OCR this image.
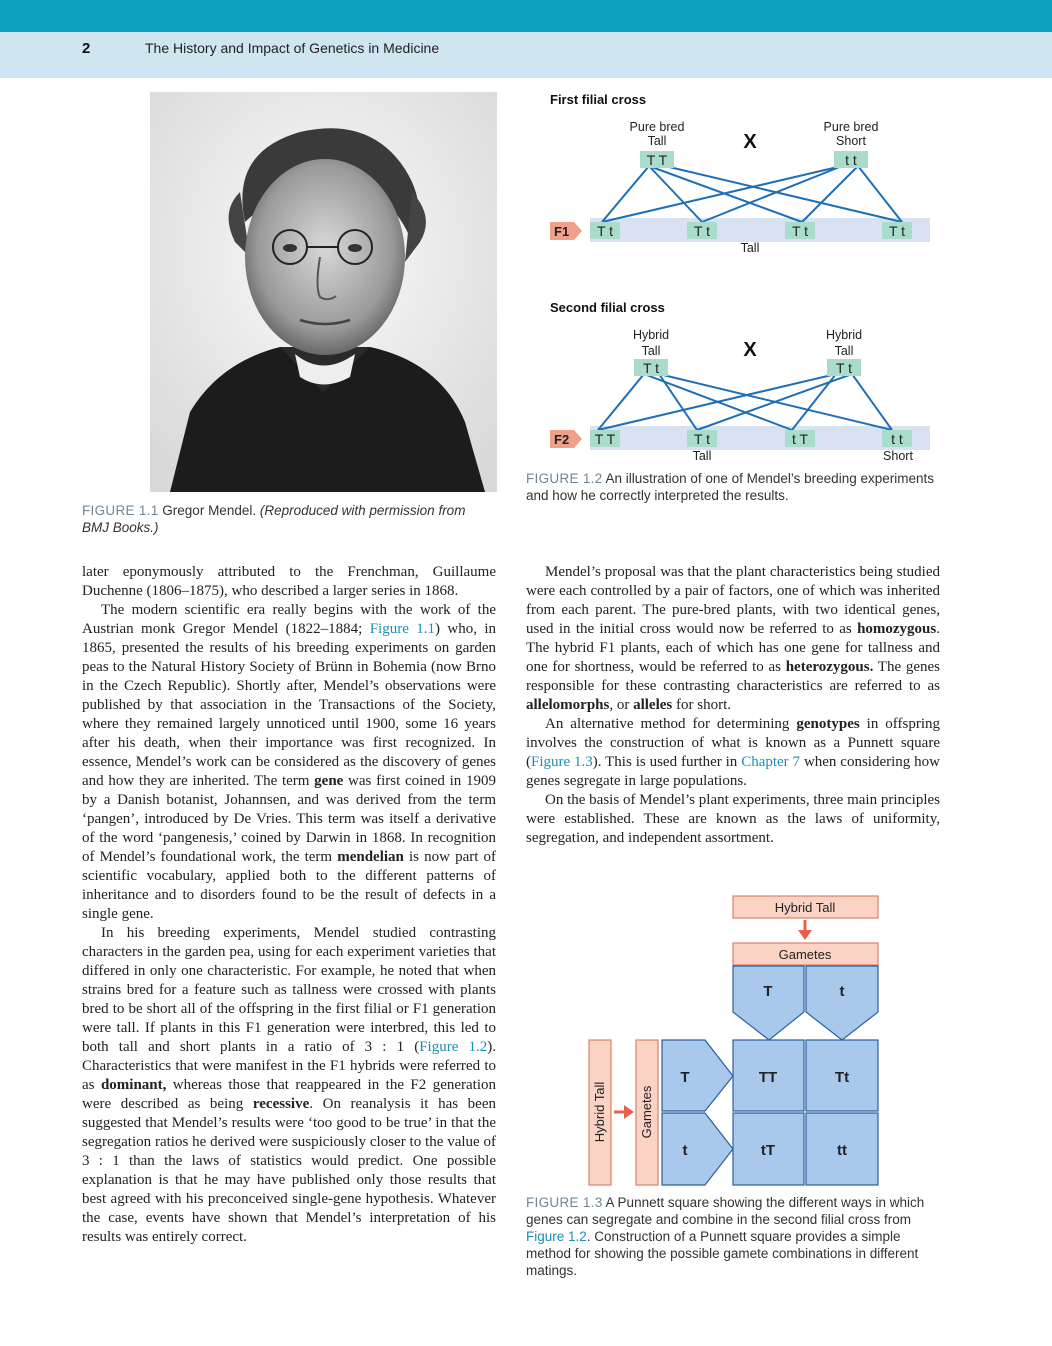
2	The History and Impact of Genetics in Medicine
FIGURE 1.1 Gregor Mendel. (Reproduced with permission from BMJ Books.)
First filial cross
Pure bred
Tall
Pure bred
Short
X
T T	t t
F1 T t	T t	T t	T t
Tall
Second filial cross
Hybrid
Tall
Hybrid
Tall
X
T t	T t
F2 T T	T t	t T	t t
Tall	Short
FIGURE 1.2 An illustration of one of Mendel’s breeding experiments and how he correctly interpreted the results.

later eponymously attributed to the Frenchman, Guillaume Duchenne (1806–1875), who described a larger series in 1868.

The modern scientific era really begins with the work of the Austrian monk Gregor Mendel (1822–1884; Figure 1.1) who, in 1865, presented the results of his breeding experiments on garden peas to the Natural History Society of Brünn in Bohemia (now Brno in the Czech Republic). Shortly after, Mendel’s observations were published by that association in the Transactions of the Society, where they remained largely unnoticed until 1900, some 16 years after his death, when their importance was first recognized. In essence, Mendel’s work can be considered as the discovery of genes and how they are inherited. The term gene was first coined in 1909 by a Danish botanist, Johannsen, and was derived from the term ‘pangen’, introduced by De Vries. This term was itself a derivative of the word ‘pangenesis,’ coined by Darwin in 1868. In recognition of Mendel’s foundational work, the term mendelian is now part of scientific vocabulary, applied both to the different patterns of inheritance and to disorders found to be the result of defects in a single gene.

In his breeding experiments, Mendel studied contrasting characters in the garden pea, using for each experiment varieties that differed in only one characteristic. For example, he noted that when strains bred for a feature such as tallness were crossed with plants bred to be short all of the offspring in the first filial or F1 generation were tall. If plants in this F1 generation were interbred, this led to both tall and short plants in a ratio of 3 : 1 (Figure 1.2). Characteristics that were manifest in the F1 hybrids were referred to as dominant, whereas those that reappeared in the F2 generation were described as being recessive. On reanalysis it has been suggested that Mendel’s results were ‘too good to be true’ in that the segregation ratios he derived were suspiciously closer to the value of 3 : 1 than the laws of statistics would predict. One possible explanation is that he may have published only those results that best agreed with his preconceived single-gene hypothesis. Whatever the case, events have shown that Mendel’s interpretation of his results was entirely correct.

Mendel’s proposal was that the plant characteristics being studied were each controlled by a pair of factors, one of which was inherited from each parent. The pure-bred plants, with two identical genes, used in the initial cross would now be referred to as homozygous. The hybrid F1 plants, each of which has one gene for tallness and one for shortness, would be referred to as heterozygous. The genes responsible for these contrasting characteristics are referred to as allelomorphs, or alleles for short.

An alternative method for determining genotypes in offspring involves the construction of what is known as a Punnett square (Figure 1.3). This is used further in Chapter 7 when considering how genes segregate in large populations.

On the basis of Mendel’s plant experiments, three main principles were established. These are known as the laws of uniformity, segregation, and independent assortment.

Hybrid Tall
Gametes
T	t
Hybrid Tall Gametes
T
t
TT	Tt
tT	tt
FIGURE 1.3 A Punnett square showing the different ways in which genes can segregate and combine in the second filial cross from Figure 1.2. Construction of a Punnett square provides a simple method for showing the possible gamete combinations in different matings.
